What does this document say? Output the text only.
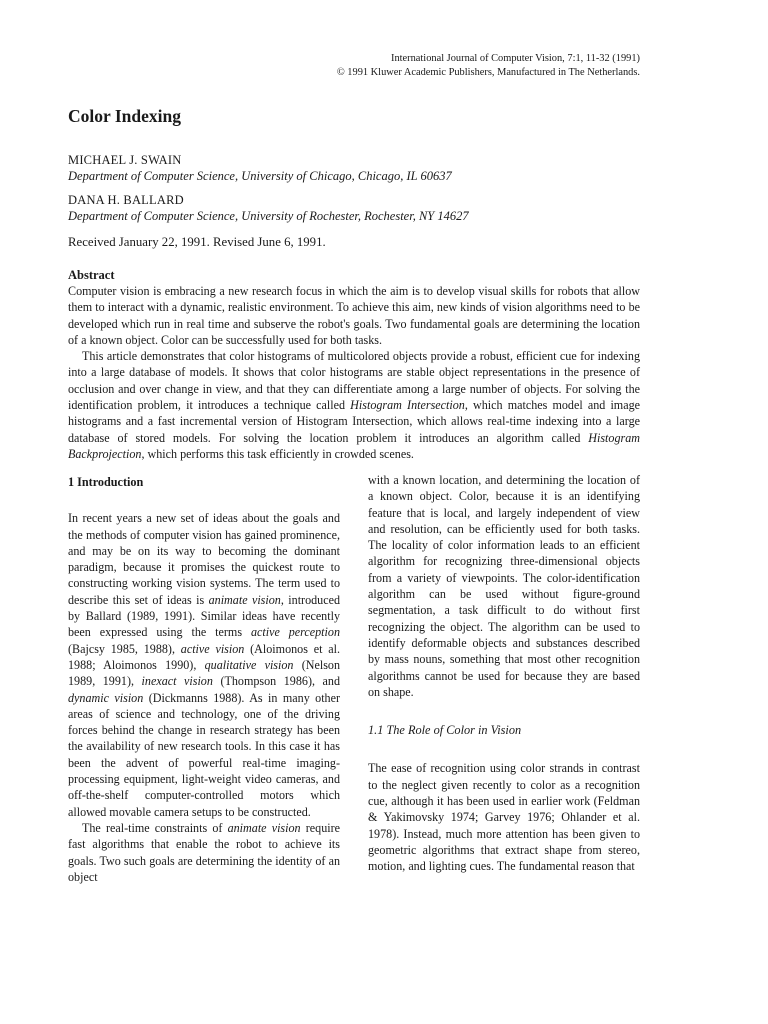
International Journal of Computer Vision, 7:1, 11-32 (1991)
© 1991 Kluwer Academic Publishers, Manufactured in The Netherlands.
Color Indexing
MICHAEL J. SWAIN
Department of Computer Science, University of Chicago, Chicago, IL 60637
DANA H. BALLARD
Department of Computer Science, University of Rochester, Rochester, NY 14627
Received January 22, 1991. Revised June 6, 1991.
Abstract

Computer vision is embracing a new research focus in which the aim is to develop visual skills for robots that allow them to interact with a dynamic, realistic environment. To achieve this aim, new kinds of vision algorithms need to be developed which run in real time and subserve the robot's goals. Two fundamental goals are determining the location of a known object. Color can be successfully used for both tasks.

This article demonstrates that color histograms of multicolored objects provide a robust, efficient cue for indexing into a large database of models. It shows that color histograms are stable object representations in the presence of occlusion and over change in view, and that they can differentiate among a large number of objects. For solving the identification problem, it introduces a technique called Histogram Intersection, which matches model and image histograms and a fast incremental version of Histogram Intersection, which allows real-time indexing into a large database of stored models. For solving the location problem it introduces an algorithm called Histogram Backprojection, which performs this task efficiently in crowded scenes.

1 Introduction

In recent years a new set of ideas about the goals and the methods of computer vision has gained prominence, and may be on its way to becoming the dominant paradigm, because it promises the quickest route to constructing working vision systems. The term used to describe this set of ideas is animate vision, introduced by Ballard (1989, 1991). Similar ideas have recently been expressed using the terms active perception (Bajcsy 1985, 1988), active vision (Aloimonos et al. 1988; Aloimonos 1990), qualitative vision (Nelson 1989, 1991), inexact vision (Thompson 1986), and dynamic vision (Dickmanns 1988). As in many other areas of science and technology, one of the driving forces behind the change in research strategy has been the availability of new research tools. In this case it has been the advent of powerful real-time imaging-processing equipment, light-weight video cameras, and off-the-shelf computer-controlled motors which allowed movable camera setups to be constructed.

The real-time constraints of animate vision require fast algorithms that enable the robot to achieve its goals. Two such goals are determining the identity of an object

with a known location, and determining the location of a known object. Color, because it is an identifying feature that is local, and largely independent of view and resolution, can be efficiently used for both tasks. The locality of color information leads to an efficient algorithm for recognizing three-dimensional objects from a variety of viewpoints. The color-identification algorithm can be used without figure-ground segmentation, a task difficult to do without first recognizing the object. The algorithm can be used to identify deformable objects and substances described by mass nouns, something that most other recognition algorithms cannot be used for because they are based on shape.

1.1 The Role of Color in Vision

The ease of recognition using color strands in contrast to the neglect given recently to color as a recognition cue, although it has been used in earlier work (Feldman & Yakimovsky 1974; Garvey 1976; Ohlander et al. 1978). Instead, much more attention has been given to geometric algorithms that extract shape from stereo, motion, and lighting cues. The fundamental reason that
